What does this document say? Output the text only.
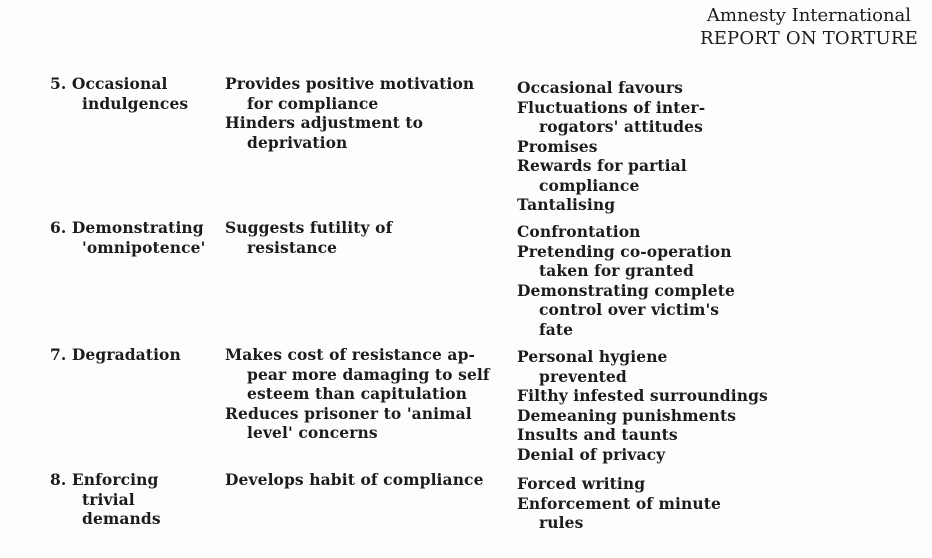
Amnesty International
REPORT ON TORTURE
5. Occasional
indulgences
Provides positive motivation
for compliance
Hinders adjustment to
deprivation
Occasional favours
Fluctuations of inter-
rogators' attitudes
Promises
Rewards for partial
compliance
Tantalising
6. Demonstrating
'omnipotence'
Suggests futility of
resistance
Confrontation
Pretending co-operation
taken for granted
Demonstrating complete
control over victim's
fate
7. Degradation	Makes cost of resistance ap-
pear more damaging to self
esteem than capitulation
Reduces prisoner to 'animal
level' concerns
Personal hygiene
prevented
Filthy infested surroundings
Demeaning punishments
Insults and taunts
Denial of privacy
8. Enforcing
trivial
demands
Develops habit of compliance	Forced writing
Enforcement of minute
rules
